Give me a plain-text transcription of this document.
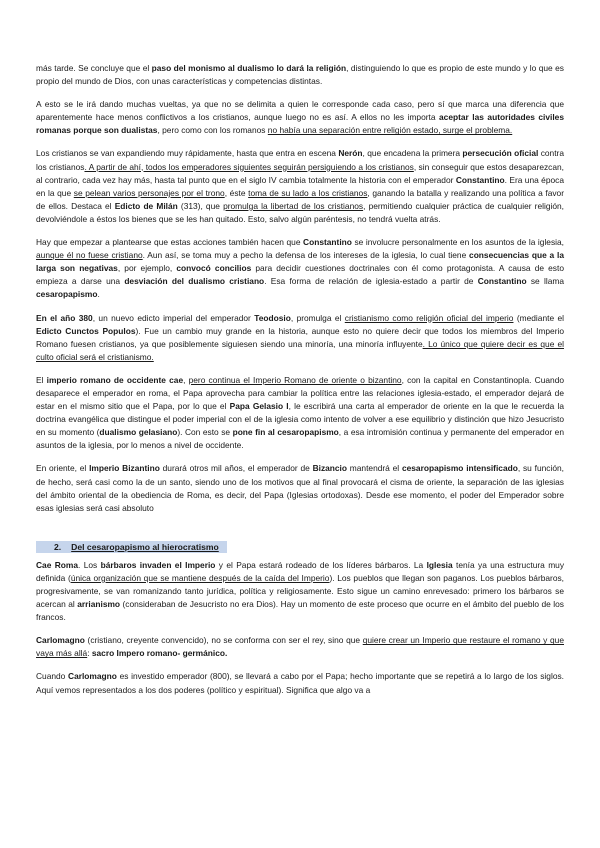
más tarde. Se concluye que el paso del monismo al dualismo lo dará la religión, distinguiendo lo que es propio de este mundo y lo que es propio del mundo de Dios, con unas características y competencias distintas.

A esto se le irá dando muchas vueltas, ya que no se delimita a quien le corresponde cada caso, pero sí que marca una diferencia que aparentemente hace menos conflictivos a los cristianos, aunque luego no es así. A ellos no les importa aceptar las autoridades civiles romanas porque son dualistas, pero como con los romanos no había una separación entre religión estado, surge el problema.

Los cristianos se van expandiendo muy rápidamente, hasta que entra en escena Nerón, que encadena la primera persecución oficial contra los cristianos. A partir de ahí, todos los emperadores siguientes seguirán persiguiendo a los cristianos, sin conseguir que estos desaparezcan, al contrario, cada vez hay más, hasta tal punto que en el siglo IV cambia totalmente la historia con el emperador Constantino. Era una época en la que se pelean varios personajes por el trono, éste toma de su lado a los cristianos, ganando la batalla y realizando una política a favor de ellos. Destaca el Edicto de Milán (313), que promulga la libertad de los cristianos, permitiendo cualquier práctica de cualquier religión, devolviéndole a éstos los bienes que se les han quitado. Esto, salvo algún paréntesis, no tendrá vuelta atrás.

Hay que empezar a plantearse que estas acciones también hacen que Constantino se involucre personalmente en los asuntos de la iglesia, aunque él no fuese cristiano. Aun así, se toma muy a pecho la defensa de los intereses de la iglesia, lo cual tiene consecuencias que a la larga son negativas, por ejemplo, convocó concilios para decidir cuestiones doctrinales con él como protagonista. A causa de esto empieza a darse una desviación del dualismo cristiano. Esa forma de relación de iglesia-estado a partir de Constantino se llama cesaropapismo.

En el año 380, un nuevo edicto imperial del emperador Teodosio, promulga el cristianismo como religión oficial del imperio (mediante el Edicto Cunctos Populos). Fue un cambio muy grande en la historia, aunque esto no quiere decir que todos los miembros del Imperio Romano fuesen cristianos, ya que posiblemente siguiesen siendo una minoría, una minoría influyente. Lo único que quiere decir es que el culto oficial será el cristianismo.

El imperio romano de occidente cae, pero continua el Imperio Romano de oriente o bizantino, con la capital en Constantinopla. Cuando desaparece el emperador en roma, el Papa aprovecha para cambiar la política entre las relaciones iglesia-estado, el emperador dejará de estar en el mismo sitio que el Papa, por lo que el Papa Gelasio I, le escribirá una carta al emperador de oriente en la que le recuerda la doctrina evangélica que distingue el poder imperial con el de la iglesia como intento de volver a ese equilibrio y distinción que hizo Jesucristo en su momento (dualismo gelasiano). Con esto se pone fin al cesaropapismo, a esa intromisión continua y permanente del emperador en asuntos de la iglesia, por lo menos a nivel de occidente.

En oriente, el Imperio Bizantino durará otros mil años, el emperador de Bizancio mantendrá el cesaropapismo intensificado, su función, de hecho, será casi como la de un santo, siendo uno de los motivos que al final provocará el cisma de oriente, la separación de las iglesias del ámbito oriental de la obediencia de Roma, es decir, del Papa (Iglesias ortodoxas). Desde ese momento, el poder del Emperador sobre esas iglesias será casi absoluto

2. Del cesaropapismo al hierocratismo

Cae Roma. Los bárbaros invaden el Imperio y el Papa estará rodeado de los líderes bárbaros. La Iglesia tenía ya una estructura muy definida (única organización que se mantiene después de la caída del Imperio). Los pueblos que llegan son paganos. Los pueblos bárbaros, progresivamente, se van romanizando tanto jurídica, política y religiosamente. Esto sigue un camino enrevesado: primero los bárbaros se acercan al arrianismo (consideraban de Jesucristo no era Dios). Hay un momento de este proceso que ocurre en el ámbito del pueblo de los francos.

Carlomagno (cristiano, creyente convencido), no se conforma con ser el rey, sino que quiere crear un Imperio que restaure el romano y que vaya más allá: sacro Impero romano- germánico.

Cuando Carlomagno es investido emperador (800), se llevará a cabo por el Papa; hecho importante que se repetirá a lo largo de los siglos. Aquí vemos representados a los dos poderes (político y espiritual). Significa que algo va a
